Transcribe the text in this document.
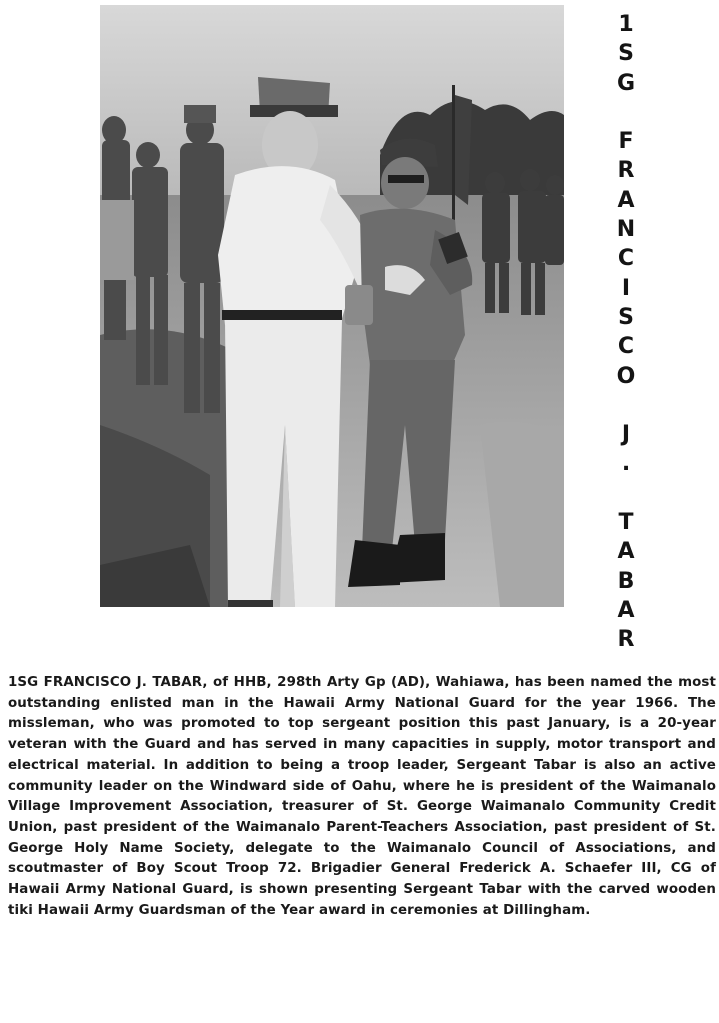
1
S
G

F
R
A
N
C
I
S
C
O

J
.

T
A
B
A
R

1SG FRANCISCO J. TABAR, of HHB, 298th Arty Gp (AD), Wahiawa, has been named the most outstanding enlisted man in the Hawaii Army National Guard for the year 1966. The missleman, who was promoted to top sergeant position this past January, is a 20-year veteran with the Guard and has served in many capacities in supply, motor transport and electrical material. In addition to being a troop leader, Sergeant Tabar is also an active community leader on the Windward side of Oahu, where he is president of the Waimanalo Village Improvement Association, treasurer of St. George Waimanalo Community Credit Union, past president of the Waimanalo Parent-Teachers Association, past president of St. George Holy Name Society, delegate to the Waimanalo Council of Associations, and scoutmaster of Boy Scout Troop 72. Brigadier General Frederick A. Schaefer III, CG of Hawaii Army National Guard, is shown presenting Sergeant Tabar with the carved wooden tiki Hawaii Army Guardsman of the Year award in ceremonies at Dillingham.
